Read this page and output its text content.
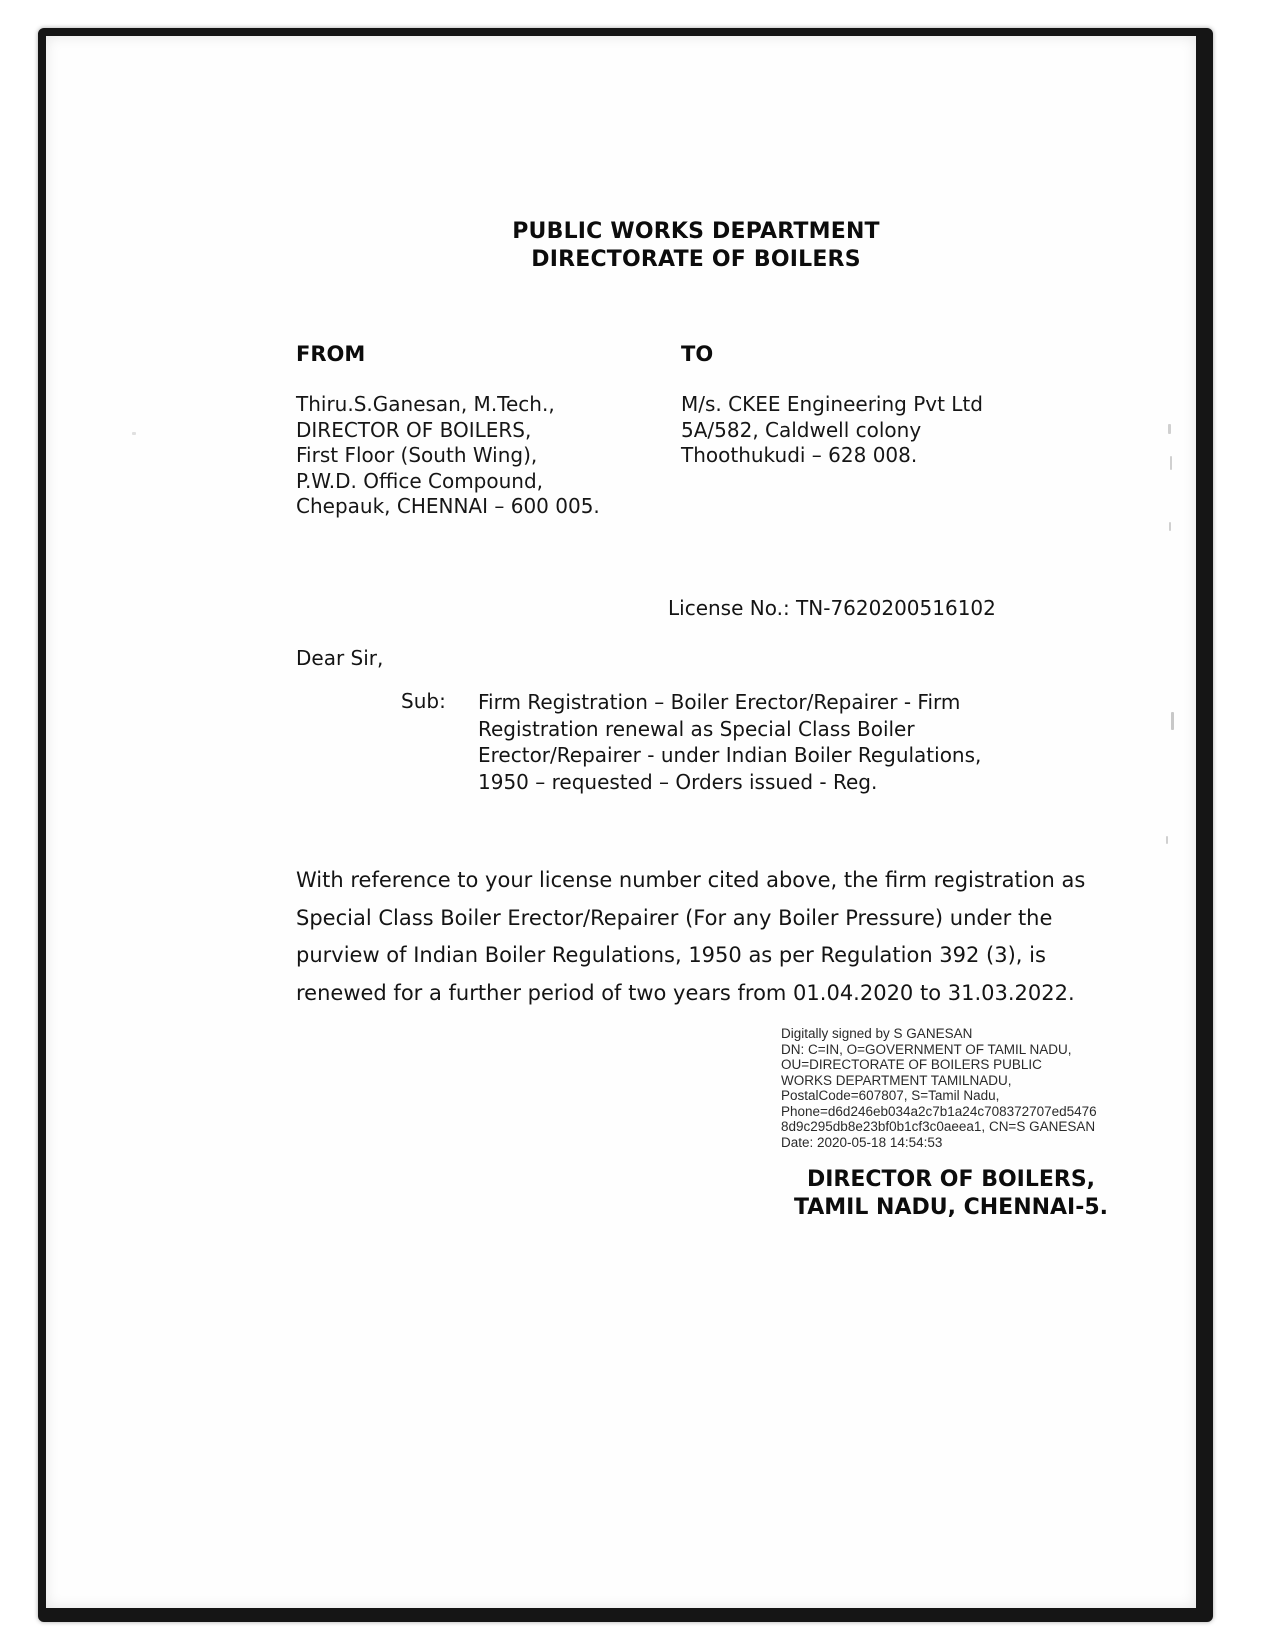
PUBLIC WORKS DEPARTMENT
DIRECTORATE OF BOILERS
FROM	TO
Thiru.S.Ganesan, M.Tech.,
DIRECTOR OF BOILERS,
First Floor (South Wing),
P.W.D. Office Compound,
Chepauk, CHENNAI – 600 005.
M/s. CKEE Engineering Pvt Ltd
5A/582, Caldwell colony
Thoothukudi – 628 008.
License No.: TN-7620200516102
Dear Sir,
Sub: Firm Registration – Boiler Erector/Repairer - Firm
Registration renewal as Special Class Boiler
Erector/Repairer - under Indian Boiler Regulations,
1950 – requested – Orders issued - Reg.
With reference to your license number cited above, the firm registration as
Special Class Boiler Erector/Repairer (For any Boiler Pressure) under the
purview of Indian Boiler Regulations, 1950 as per Regulation 392 (3), is
renewed for a further period of two years from 01.04.2020 to 31.03.2022.
Digitally signed by S GANESAN
DN: C=IN, O=GOVERNMENT OF TAMIL NADU,
OU=DIRECTORATE OF BOILERS PUBLIC
WORKS DEPARTMENT TAMILNADU,
PostalCode=607807, S=Tamil Nadu,
Phone=d6d246eb034a2c7b1a24c708372707ed5476
8d9c295db8e23bf0b1cf3c0aeea1, CN=S GANESAN
Date: 2020-05-18 14:54:53
DIRECTOR OF BOILERS,
TAMIL NADU, CHENNAI-5.
